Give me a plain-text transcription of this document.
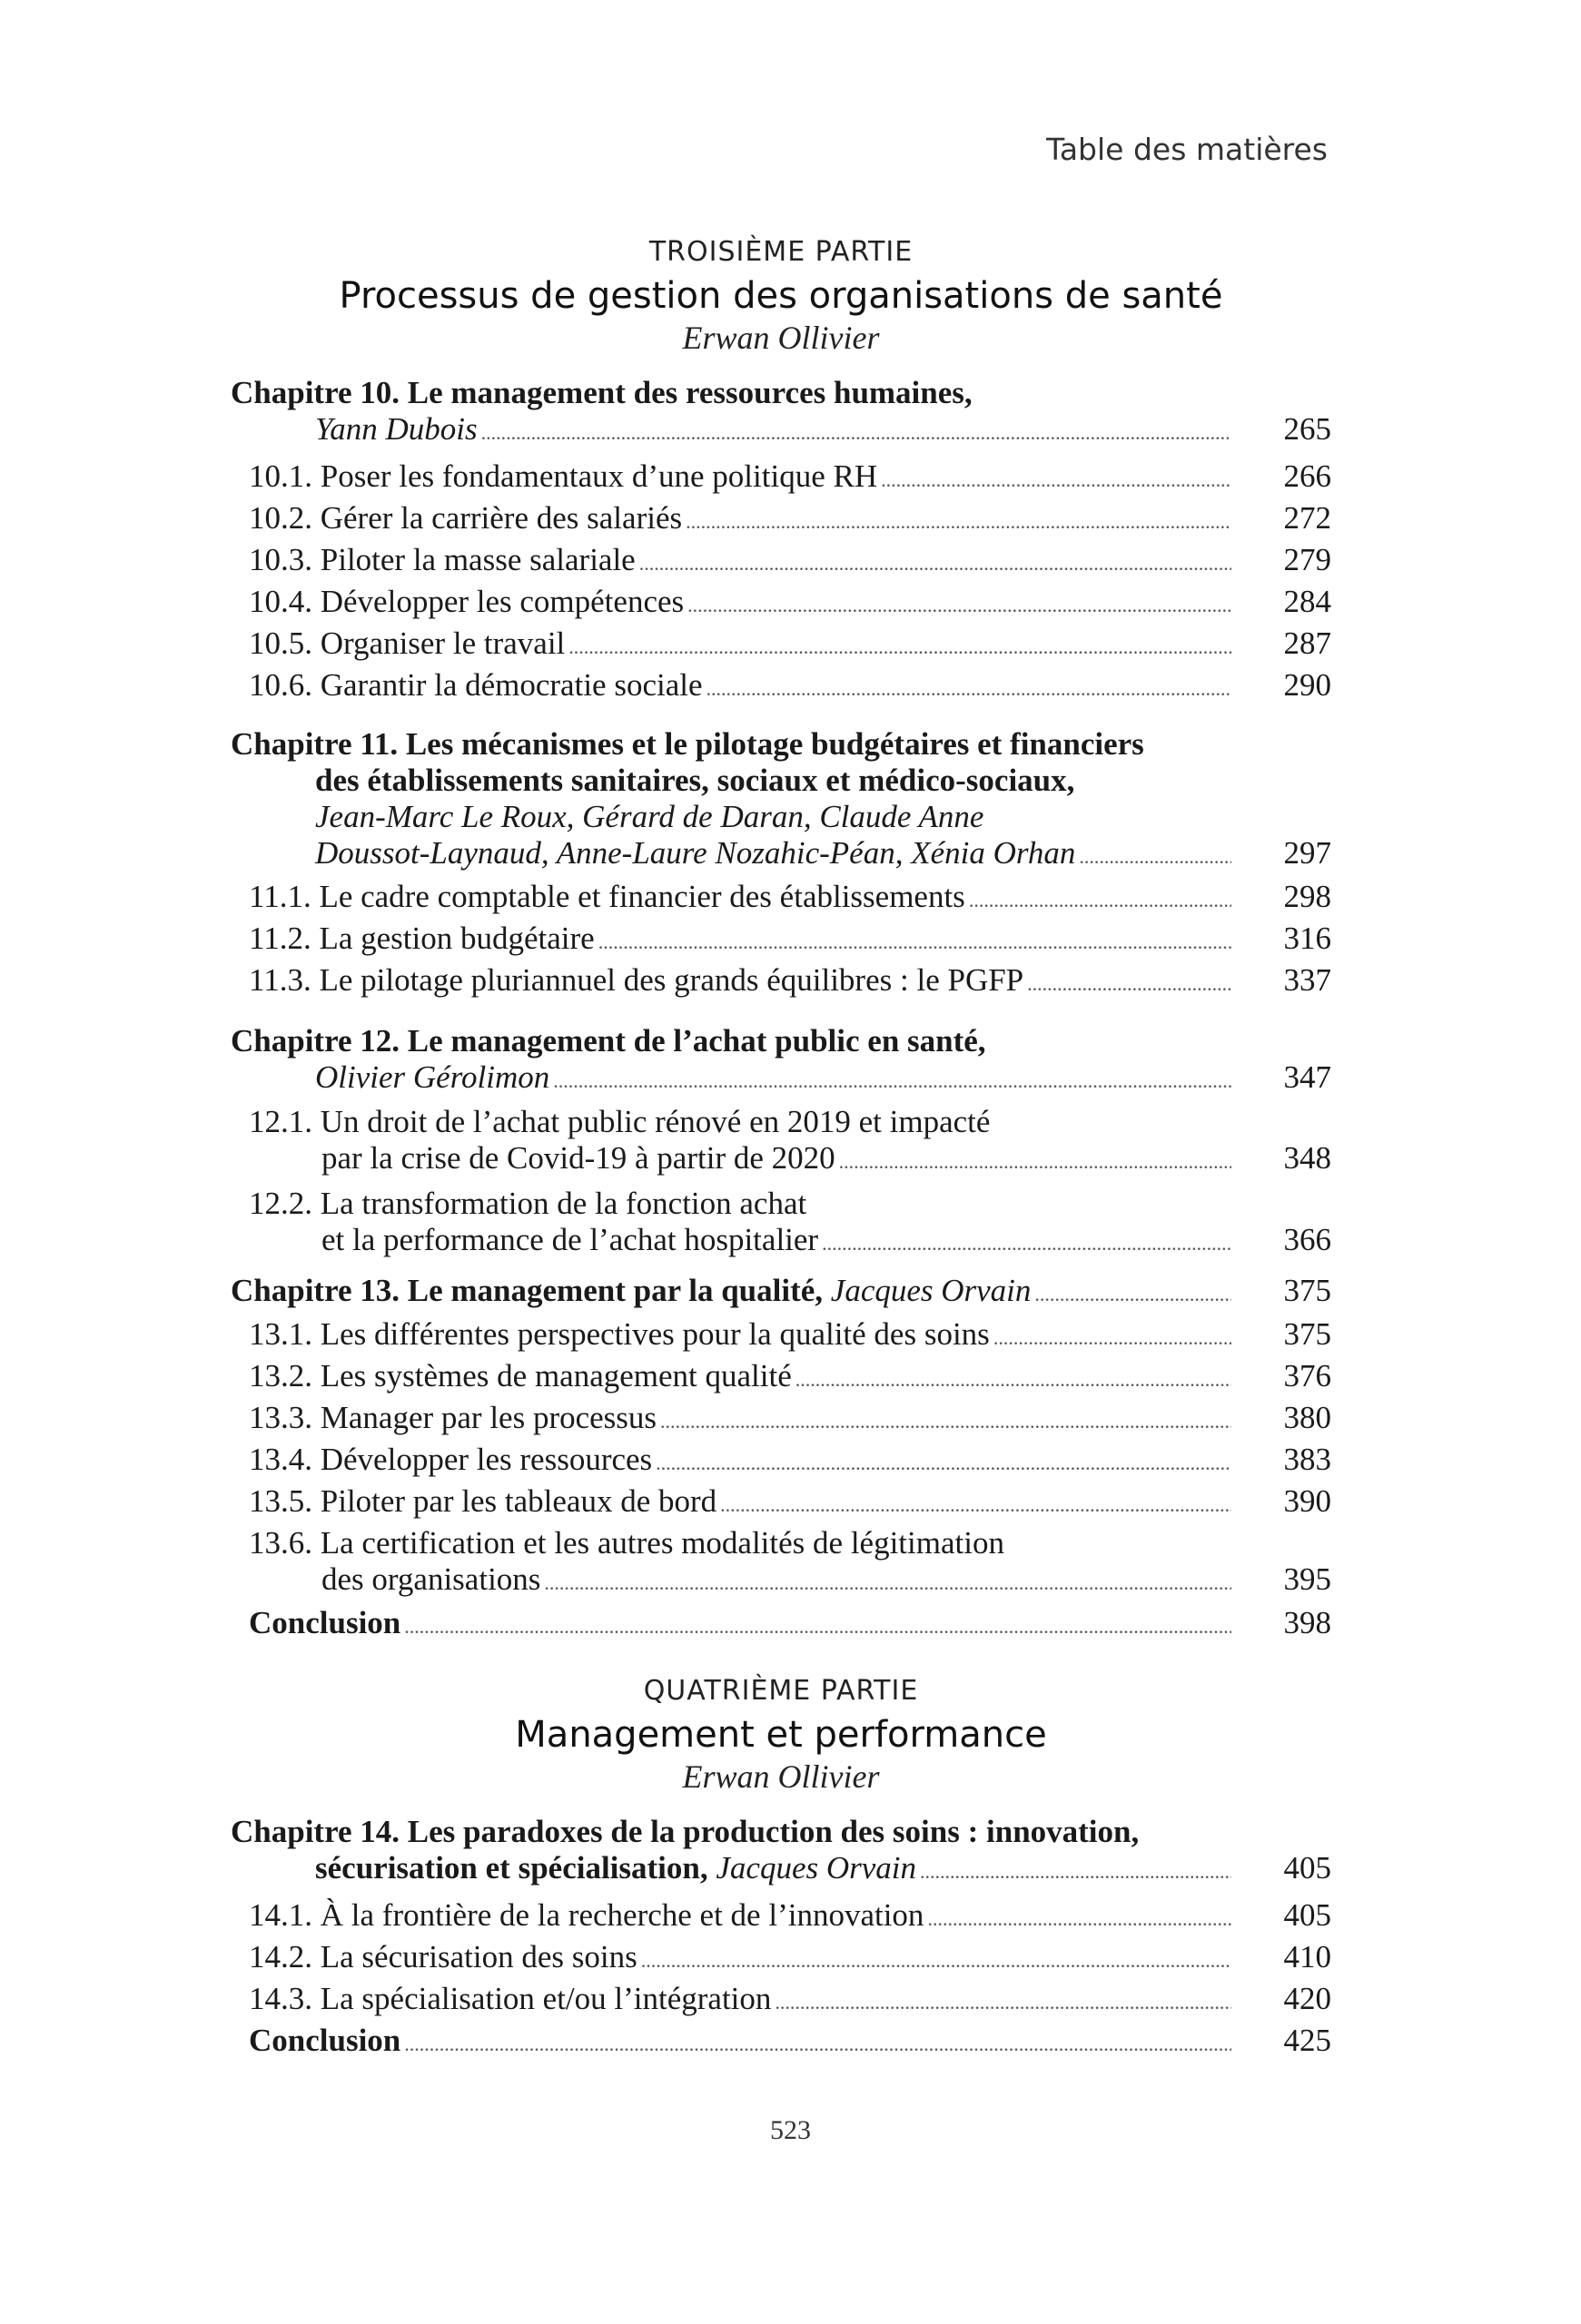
Table des matières
TROISIÈME PARTIE
Processus de gestion des organisations de santé
Erwan Ollivier
Chapitre 10. Le management des ressources humaines,
Yann Dubois .....	265
10.1. Poser les fondamentaux d’une politique RH .....	266
10.2. Gérer la carrière des salariés .....	272
10.3. Piloter la masse salariale .....	279
10.4. Développer les compétences .....	284
10.5. Organiser le travail .....	287
10.6. Garantir la démocratie sociale .....	290
Chapitre 11. Les mécanismes et le pilotage budgétaires et financiers
des établissements sanitaires, sociaux et médico-sociaux,
Jean-Marc Le Roux, Gérard de Daran, Claude Anne
Doussot-Laynaud, Anne-Laure Nozahic-Péan, Xénia Orhan .....	297
11.1. Le cadre comptable et financier des établissements .....	298
11.2. La gestion budgétaire .....	316
11.3. Le pilotage pluriannuel des grands équilibres : le PGFP .....	337
Chapitre 12. Le management de l’achat public en santé,
Olivier Gérolimon .....	347
12.1. Un droit de l’achat public rénové en 2019 et impacté
par la crise de Covid-19 à partir de 2020 .....	348
12.2. La transformation de la fonction achat
et la performance de l’achat hospitalier .....	366
Chapitre 13. Le management par la qualité, Jacques Orvain .....	375
13.1. Les différentes perspectives pour la qualité des soins .....	375
13.2. Les systèmes de management qualité .....	376
13.3. Manager par les processus .....	380
13.4. Développer les ressources .....	383
13.5. Piloter par les tableaux de bord .....	390
13.6. La certification et les autres modalités de légitimation
des organisations .....	395
Conclusion .....	398
QUATRIÈME PARTIE
Management et performance
Erwan Ollivier
Chapitre 14. Les paradoxes de la production des soins : innovation,
sécurisation et spécialisation, Jacques Orvain .....	405
14.1. À la frontière de la recherche et de l’innovation .....	405
14.2. La sécurisation des soins .....	410
14.3. La spécialisation et/ou l’intégration .....	420
Conclusion .....	425
523
